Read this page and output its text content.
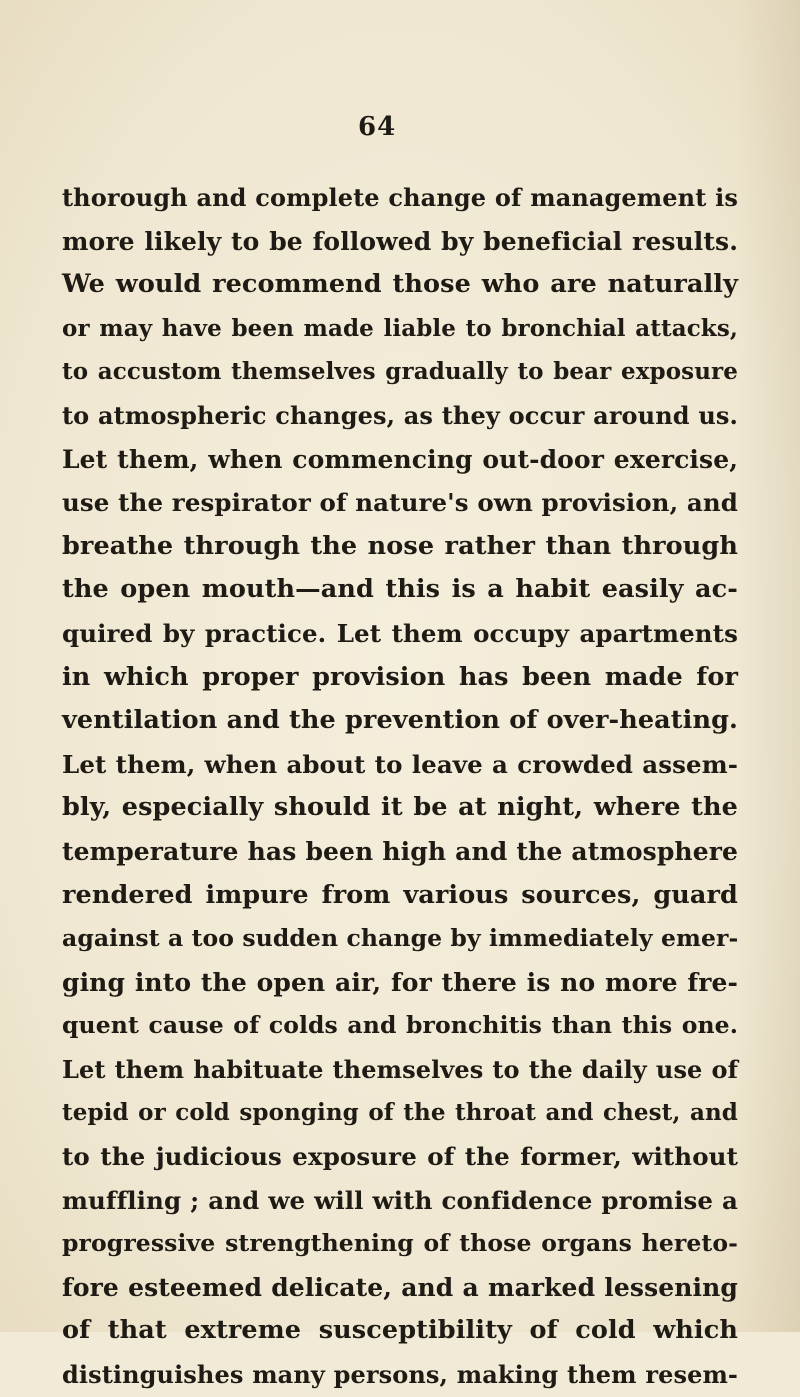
64
thorough and complete change of management is
more likely to be followed by beneficial results.
We would recommend those who are naturally
or may have been made liable to bronchial attacks,
to accustom themselves gradually to bear exposure
to atmospheric changes, as they occur around us.
Let them, when commencing out-door exercise,
use the respirator of nature's own provision, and
breathe through the nose rather than through
the open mouth—and this is a habit easily ac-
quired by practice. Let them occupy apartments
in which proper provision has been made for
ventilation and the prevention of over-heating.
Let them, when about to leave a crowded assem-
bly, especially should it be at night, where the
temperature has been high and the atmosphere
rendered impure from various sources, guard
against a too sudden change by immediately emer-
ging into the open air, for there is no more fre-
quent cause of colds and bronchitis than this one.
Let them habituate themselves to the daily use of
tepid or cold sponging of the throat and chest, and
to the judicious exposure of the former, without
muffling ; and we will with confidence promise a
progressive strengthening of those organs hereto-
fore esteemed delicate, and a marked lessening
of that extreme susceptibility of cold which
distinguishes many persons, making them resem-
